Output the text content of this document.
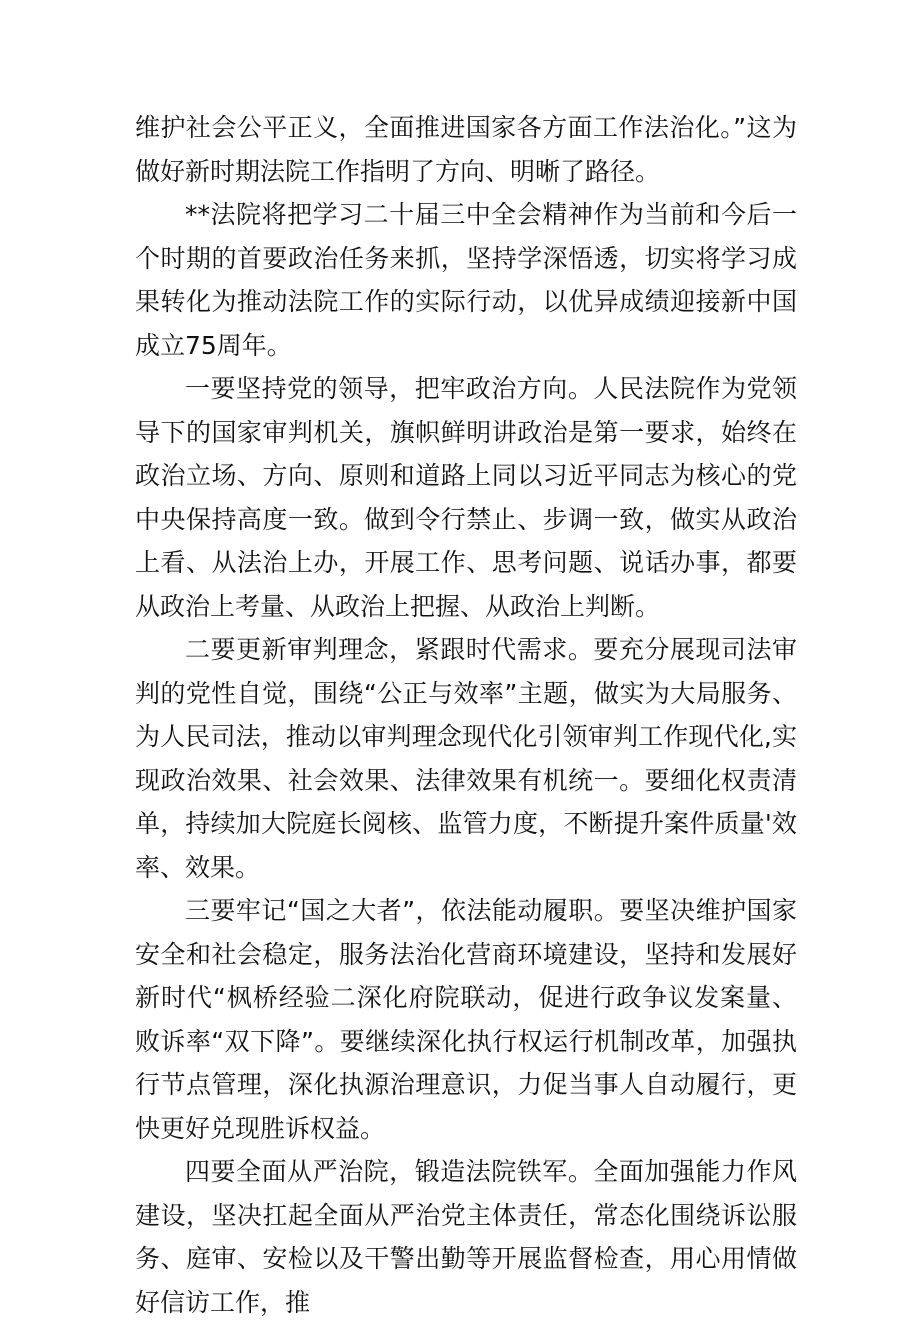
维护社会公平正义，全面推进国家各方面工作法治化。”这为做好新时期法院工作指明了方向、明晰了路径。

**法院将把学习二十届三中全会精神作为当前和今后一个时期的首要政治任务来抓，坚持学深悟透，切实将学习成果转化为推动法院工作的实际行动，以优异成绩迎接新中国成立75周年。

一要坚持党的领导，把牢政治方向。人民法院作为党领导下的国家审判机关，旗帜鲜明讲政治是第一要求，始终在政治立场、方向、原则和道路上同以习近平同志为核心的党中央保持高度一致。做到令行禁止、步调一致，做实从政治上看、从法治上办，开展工作、思考问题、说话办事，都要从政治上考量、从政治上把握、从政治上判断。

二要更新审判理念，紧跟时代需求。要充分展现司法审判的党性自觉，围绕“公正与效率”主题，做实为大局服务、为人民司法，推动以审判理念现代化引领审判工作现代化,实现政治效果、社会效果、法律效果有机统一。要细化权责清单，持续加大院庭长阅核、监管力度，不断提升案件质量'效率、效果。

三要牢记“国之大者”，依法能动履职。要坚决维护国家安全和社会稳定，服务法治化营商环境建设，坚持和发展好新时代“枫桥经验二深化府院联动，促进行政争议发案量、败诉率“双下降”。要继续深化执行权运行机制改革，加强执行节点管理，深化执源治理意识，力促当事人自动履行，更快更好兑现胜诉权益。

四要全面从严治院，锻造法院铁军。全面加强能力作风建设，坚决扛起全面从严治党主体责任，常态化围绕诉讼服务、庭审、安检以及干警出勤等开展监督检查，用心用情做好信访工作，推
